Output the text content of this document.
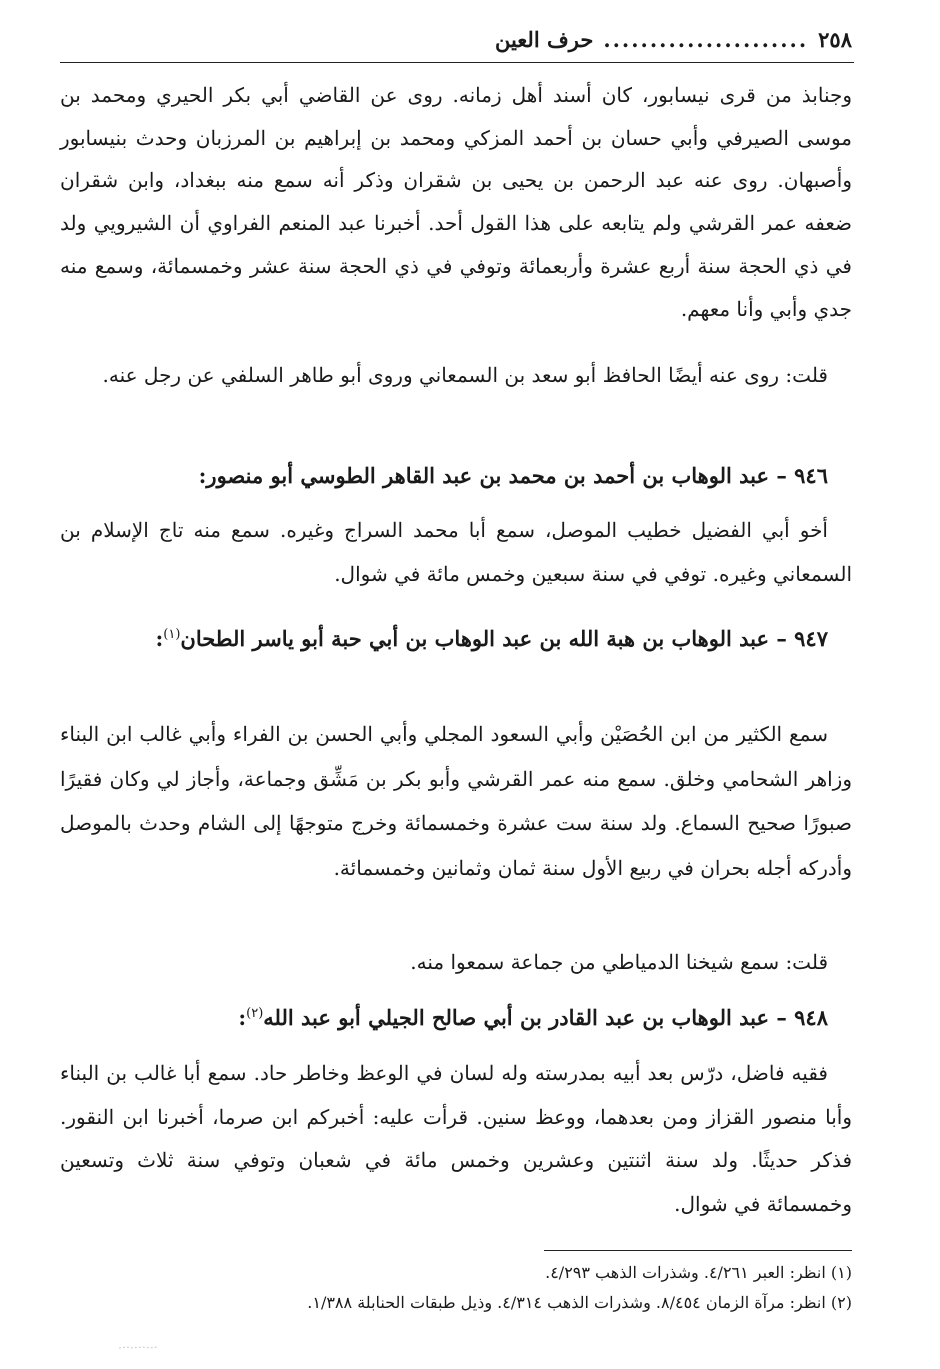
٢٥٨
......................
حرف العين

وجنابذ من قرى نيسابور، كان أسند أهل زمانه. روى عن القاضي أبي بكر الحيري ومحمد بن موسى الصيرفي وأبي حسان بن أحمد المزكي ومحمد بن إبراهيم بن المرزبان وحدث بنيسابور وأصبهان. روى عنه عبد الرحمن بن يحيى بن شقران وذكر أنه سمع منه ببغداد، وابن شقران ضعفه عمر القرشي ولم يتابعه على هذا القول أحد. أخبرنا عبد المنعم الفراوي أن الشيرويي ولد في ذي الحجة سنة أربع عشرة وأربعمائة وتوفي في ذي الحجة سنة عشر وخمسمائة، وسمع منه جدي وأبي وأنا معهم.

قلت: روى عنه أيضًا الحافظ أبو سعد بن السمعاني وروى أبو طاهر السلفي عن رجل عنه.

٩٤٦ – عبد الوهاب بن أحمد بن محمد بن عبد القاهر الطوسي أبو منصور:

أخو أبي الفضيل خطيب الموصل، سمع أبا محمد السراج وغيره. سمع منه تاج الإسلام بن السمعاني وغيره. توفي في سنة سبعين وخمس مائة في شوال.

٩٤٧ – عبد الوهاب بن هبة الله بن عبد الوهاب بن أبي حبة أبو ياسر الطحان$^{(١)}$:

سمع الكثير من ابن الحُصَيْن وأبي السعود المجلي وأبي الحسن بن الفراء وأبي غالب ابن البناء وزاهر الشحامي وخلق. سمع منه عمر القرشي وأبو بكر بن مَشِّق وجماعة، وأجاز لي وكان فقيرًا صبورًا صحيح السماع. ولد سنة ست عشرة وخمسمائة وخرج متوجهًا إلى الشام وحدث بالموصل وأدركه أجله بحران في ربيع الأول سنة ثمان وثمانين وخمسمائة.

قلت: سمع شيخنا الدمياطي من جماعة سمعوا منه.

٩٤٨ – عبد الوهاب بن عبد القادر بن أبي صالح الجيلي أبو عبد الله$^{(٢)}$:

فقيه فاضل، درّس بعد أبيه بمدرسته وله لسان في الوعظ وخاطر حاد. سمع أبا غالب بن البناء وأبا منصور القزاز ومن بعدهما، ووعظ سنين. قرأت عليه: أخبركم ابن صرما، أخبرنا ابن النقور. فذكر حديثًا. ولد سنة اثنتين وعشرين وخمس مائة في شعبان وتوفي سنة ثلاث وتسعين وخمسمائة في شوال.

(١) انظر: العبر ٤/٢٦١. وشذرات الذهب ٤/٢٩٣.
(٢) انظر: مرآة الزمان ٨/٤٥٤. وشذرات الذهب ٤/٣١٤. وذيل طبقات الحنابلة ١/٣٨٨.
